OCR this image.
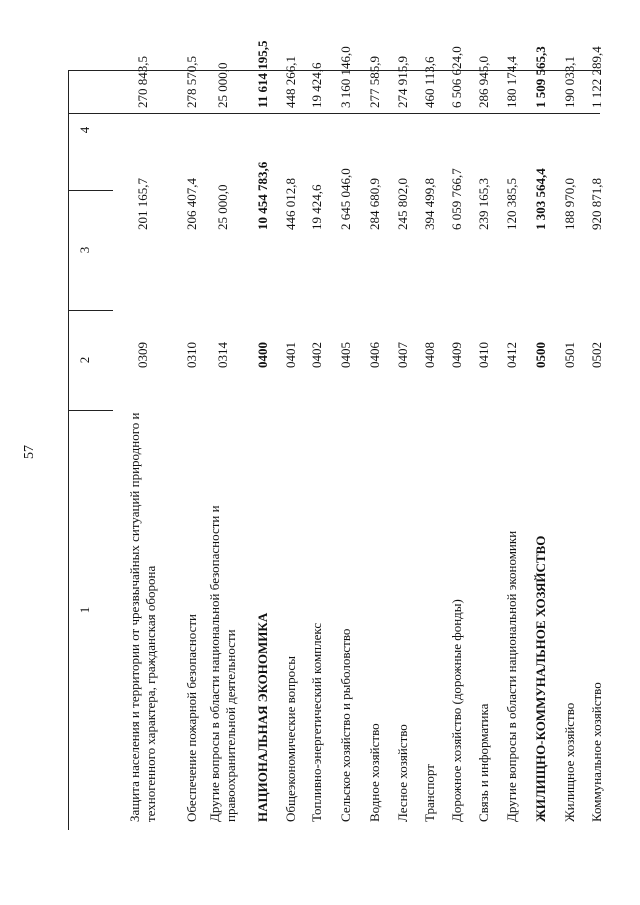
57
1
2
3
4
Защита населения и территории от чрезвычайных ситуаций природного и техногенного характера, гражданская оборона
0309
201 165,7
270 843,5
Обеспечение пожарной безопасности
0310
206 407,4
278 570,5
Другие вопросы в области национальной безопасности и правоохранительной деятельности
0314
25 000,0
25 000,0
НАЦИОНАЛЬНАЯ ЭКОНОМИКА
0400
10 454 783,6
11 614 195,5
Общеэкономические вопросы
0401
446 012,8
448 266,1
Топливно-энергетический комплекс
0402
19 424,6
19 424,6
Сельское хозяйство и рыболовство
0405
2 645 046,0
3 160 146,0
Водное хозяйство
0406
284 680,9
277 585,9
Лесное хозяйство
0407
245 802,0
274 915,9
Транспорт
0408
394 499,8
460 113,6
Дорожное хозяйство (дорожные фонды)
0409
6 059 766,7
6 506 624,0
Связь и информатика
0410
239 165,3
286 945,0
Другие вопросы в области национальной экономики
0412
120 385,5
180 174,4
ЖИЛИЩНО-КОММУНАЛЬНОЕ ХОЗЯЙСТВО
0500
1 303 564,4
1 509 565,3
Жилищное хозяйство
0501
188 970,0
190 033,1
Коммунальное хозяйство
0502
920 871,8
1 122 289,4
